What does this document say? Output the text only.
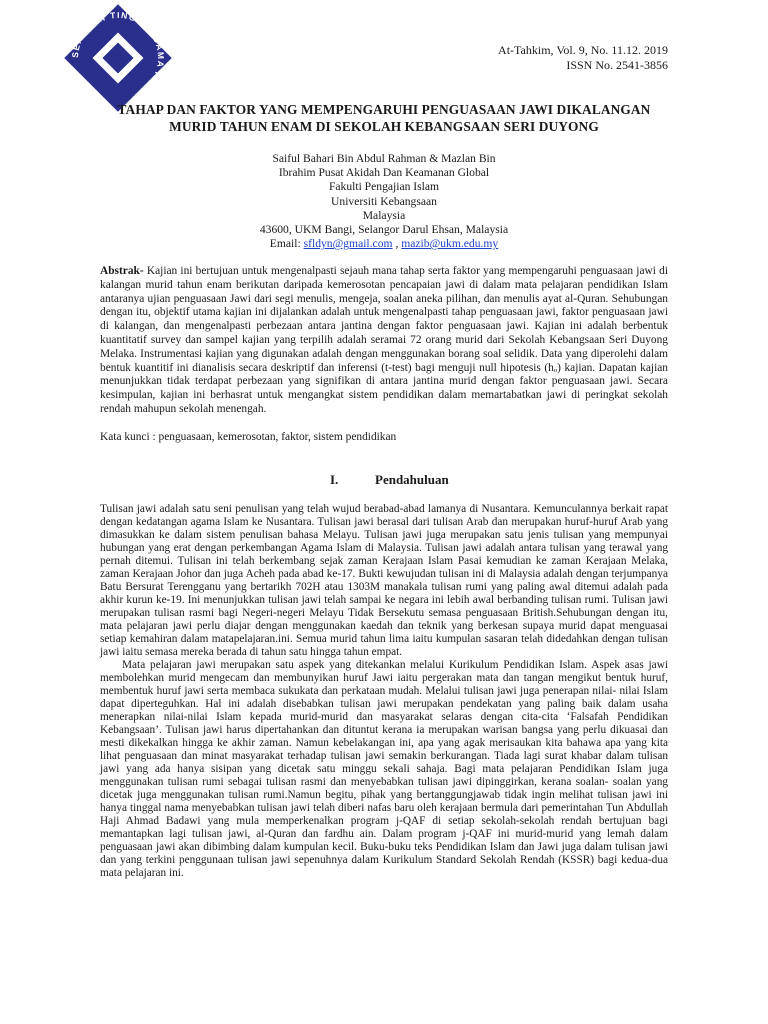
SEKOLAH TINGGI AGAMA ISLAM
At-Tahkim, Vol. 9, No. 11.12. 2019
ISSN No. 2541-3856
TAHAP DAN FAKTOR YANG MEMPENGARUHI PENGUASAAN JAWI DIKALANGAN
MURID TAHUN ENAM DI SEKOLAH KEBANGSAAN SERI DUYONG
Saiful Bahari Bin Abdul Rahman & Mazlan Bin
Ibrahim Pusat Akidah Dan Keamanan Global
Fakulti Pengajian Islam
Universiti Kebangsaan
Malaysia
43600, UKM Bangi, Selangor Darul Ehsan, Malaysia
Email: sfldyn@gmail.com , mazib@ukm.edu.my
Abstrak- Kajian ini bertujuan untuk mengenalpasti sejauh mana tahap serta faktor yang mempengaruhi penguasaan jawi di kalangan murid tahun enam berikutan daripada kemerosotan pencapaian jawi di dalam mata pelajaran pendidikan Islam antaranya ujian penguasaan Jawi dari segi menulis, mengeja, soalan aneka pilihan, dan menulis ayat al-Quran. Sehubungan dengan itu, objektif utama kajian ini dijalankan adalah untuk mengenalpasti tahap penguasaan jawi, faktor penguasaan jawi di kalangan, dan mengenalpasti perbezaan antara jantina dengan faktor penguasaan jawi. Kajian ini adalah berbentuk kuantitatif survey dan sampel kajian yang terpilih adalah seramai 72 orang murid dari Sekolah Kebangsaan Seri Duyong Melaka. Instrumentasi kajian yang digunakan adalah dengan menggunakan borang soal selidik. Data yang diperolehi dalam bentuk kuantitif ini dianalisis secara deskriptif dan inferensi (t-test) bagi menguji null hipotesis (hₒ) kajian. Dapatan kajian menunjukkan tidak terdapat perbezaan yang signifikan di antara jantina murid dengan faktor penguasaan jawi. Secara kesimpulan, kajian ini berhasrat untuk mengangkat sistem pendidikan dalam memartabatkan jawi di peringkat sekolah rendah mahupun sekolah menengah.
Kata kunci : penguasaan, kemerosotan, faktor, sistem pendidikan
I.	Pendahuluan

Tulisan jawi adalah satu seni penulisan yang telah wujud berabad-abad lamanya di Nusantara. Kemunculannya berkait rapat dengan kedatangan agama Islam ke Nusantara. Tulisan jawi berasal dari tulisan Arab dan merupakan huruf-huruf Arab yang dimasukkan ke dalam sistem penulisan bahasa Melayu. Tulisan jawi juga merupakan satu jenis tulisan yang mempunyai hubungan yang erat dengan perkembangan Agama Islam di Malaysia. Tulisan jawi adalah antara tulisan yang terawal yang pernah ditemui. Tulisan ini telah berkembang sejak zaman Kerajaan Islam Pasai kemudian ke zaman Kerajaan Melaka, zaman Kerajaan Johor dan juga Acheh pada abad ke-17. Bukti kewujudan tulisan ini di Malaysia adalah dengan terjumpanya Batu Bersurat Terengganu yang bertarikh 702H atau 1303M manakala tulisan rumi yang paling awal ditemui adalah pada akhir kurun ke-19. Ini menunjukkan tulisan jawi telah sampai ke negara ini lebih awal berbanding tulisan rumi. Tulisan jawi merupakan tulisan rasmi bagi Negeri-negeri Melayu Tidak Bersekutu semasa penguasaan British.Sehubungan dengan itu, mata pelajaran jawi perlu diajar dengan menggunakan kaedah dan teknik yang berkesan supaya murid dapat menguasai setiap kemahiran dalam matapelajaran.ini. Semua murid tahun lima iaitu kumpulan sasaran telah didedahkan dengan tulisan jawi iaitu semasa mereka berada di tahun satu hingga tahun empat.

Mata pelajaran jawi merupakan satu aspek yang ditekankan melalui Kurikulum Pendidikan Islam. Aspek asas jawi membolehkan murid mengecam dan membunyikan huruf Jawi iaitu pergerakan mata dan tangan mengikut bentuk huruf, membentuk huruf jawi serta membaca sukukata dan perkataan mudah. Melalui tulisan jawi juga penerapan nilai- nilai Islam dapat diperteguhkan. Hal ini adalah disebabkan tulisan jawi merupakan pendekatan yang paling baik dalam usaha menerapkan nilai-nilai Islam kepada murid-murid dan masyarakat selaras dengan cita-cita ‘Falsafah Pendidikan Kebangsaan’. Tulisan jawi harus dipertahankan dan dituntut kerana ia merupakan warisan bangsa yang perlu dikuasai dan mesti dikekalkan hingga ke akhir zaman. Namun kebelakangan ini, apa yang agak merisaukan kita bahawa apa yang kita lihat penguasaan dan minat masyarakat terhadap tulisan jawi semakin berkurangan. Tiada lagi surat khabar dalam tulisan jawi yang ada hanya sisipan yang dicetak satu minggu sekali sahaja. Bagi mata pelajaran Pendidikan Islam juga menggunakan tulisan rumi sebagai tulisan rasmi dan menyebabkan tulisan jawi dipinggirkan, kerana soalan- soalan yang dicetak juga menggunakan tulisan rumi.Namun begitu, pihak yang bertanggungjawab tidak ingin melihat tulisan jawi ini hanya tinggal nama menyebabkan tulisan jawi telah diberi nafas baru oleh kerajaan bermula dari pemerintahan Tun Abdullah Haji Ahmad Badawi yang mula memperkenalkan program j-QAF di setiap sekolah-sekolah rendah bertujuan bagi memantapkan lagi tulisan jawi, al-Quran dan fardhu ain. Dalam program j-QAF ini murid-murid yang lemah dalam penguasaan jawi akan dibimbing dalam kumpulan kecil. Buku-buku teks Pendidikan Islam dan Jawi juga dalam tulisan jawi dan yang terkini penggunaan tulisan jawi sepenuhnya dalam Kurikulum Standard Sekolah Rendah (KSSR) bagi kedua-dua mata pelajaran ini.
